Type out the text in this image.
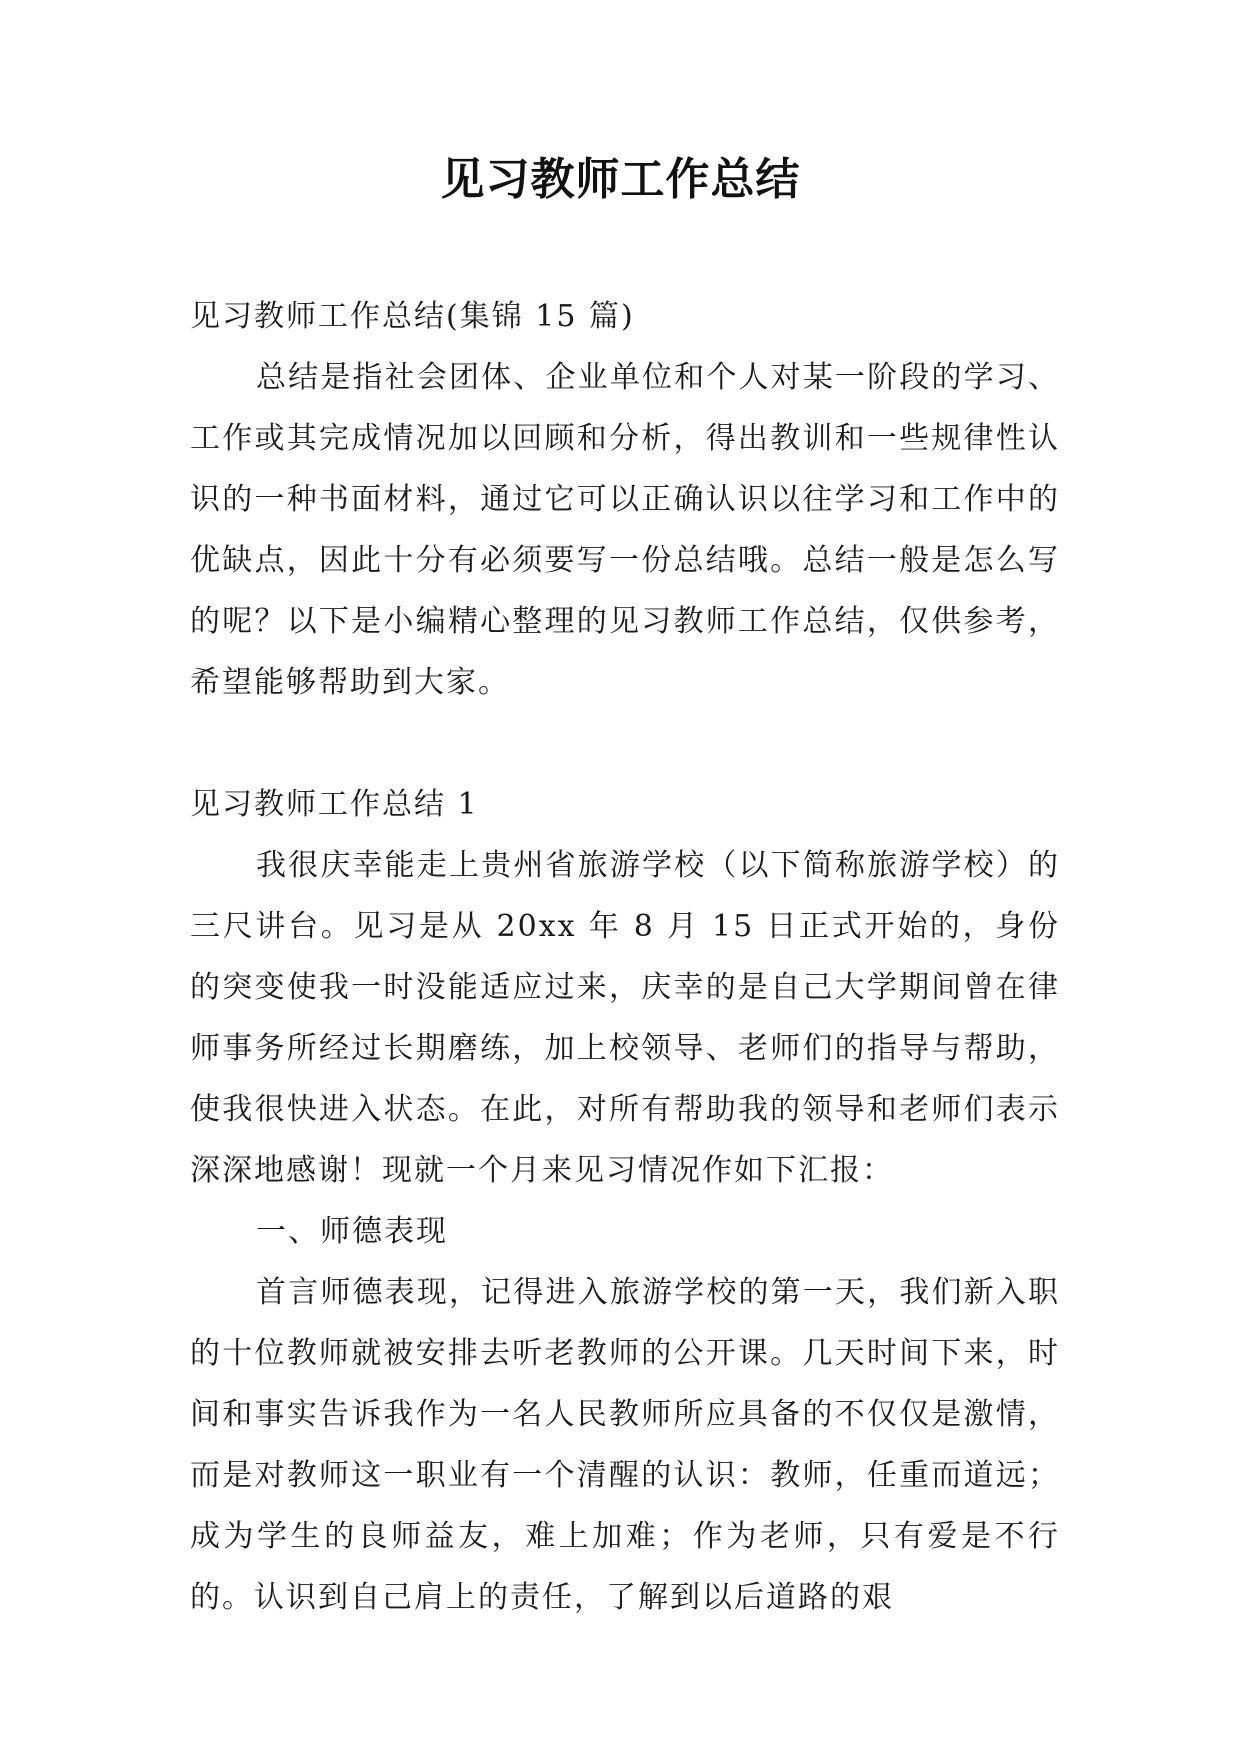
见习教师工作总结

见习教师工作总结(集锦 15 篇)

总结是指社会团体、企业单位和个人对某一阶段的学习、工作或其完成情况加以回顾和分析，得出教训和一些规律性认识的一种书面材料，通过它可以正确认识以往学习和工作中的优缺点，因此十分有必须要写一份总结哦。总结一般是怎么写的呢？以下是小编精心整理的见习教师工作总结，仅供参考，希望能够帮助到大家。

见习教师工作总结 1

我很庆幸能走上贵州省旅游学校（以下简称旅游学校）的三尺讲台。见习是从 20xx 年 8 月 15 日正式开始的，身份的突变使我一时没能适应过来，庆幸的是自己大学期间曾在律师事务所经过长期磨练，加上校领导、老师们的指导与帮助，使我很快进入状态。在此，对所有帮助我的领导和老师们表示深深地感谢！现就一个月来见习情况作如下汇报：

一、师德表现

首言师德表现，记得进入旅游学校的第一天，我们新入职的十位教师就被安排去听老教师的公开课。几天时间下来，时间和事实告诉我作为一名人民教师所应具备的不仅仅是激情，而是对教师这一职业有一个清醒的认识：教师，任重而道远；成为学生的良师益友，难上加难；作为老师，只有爱是不行的。认识到自己肩上的责任，了解到以后道路的艰
